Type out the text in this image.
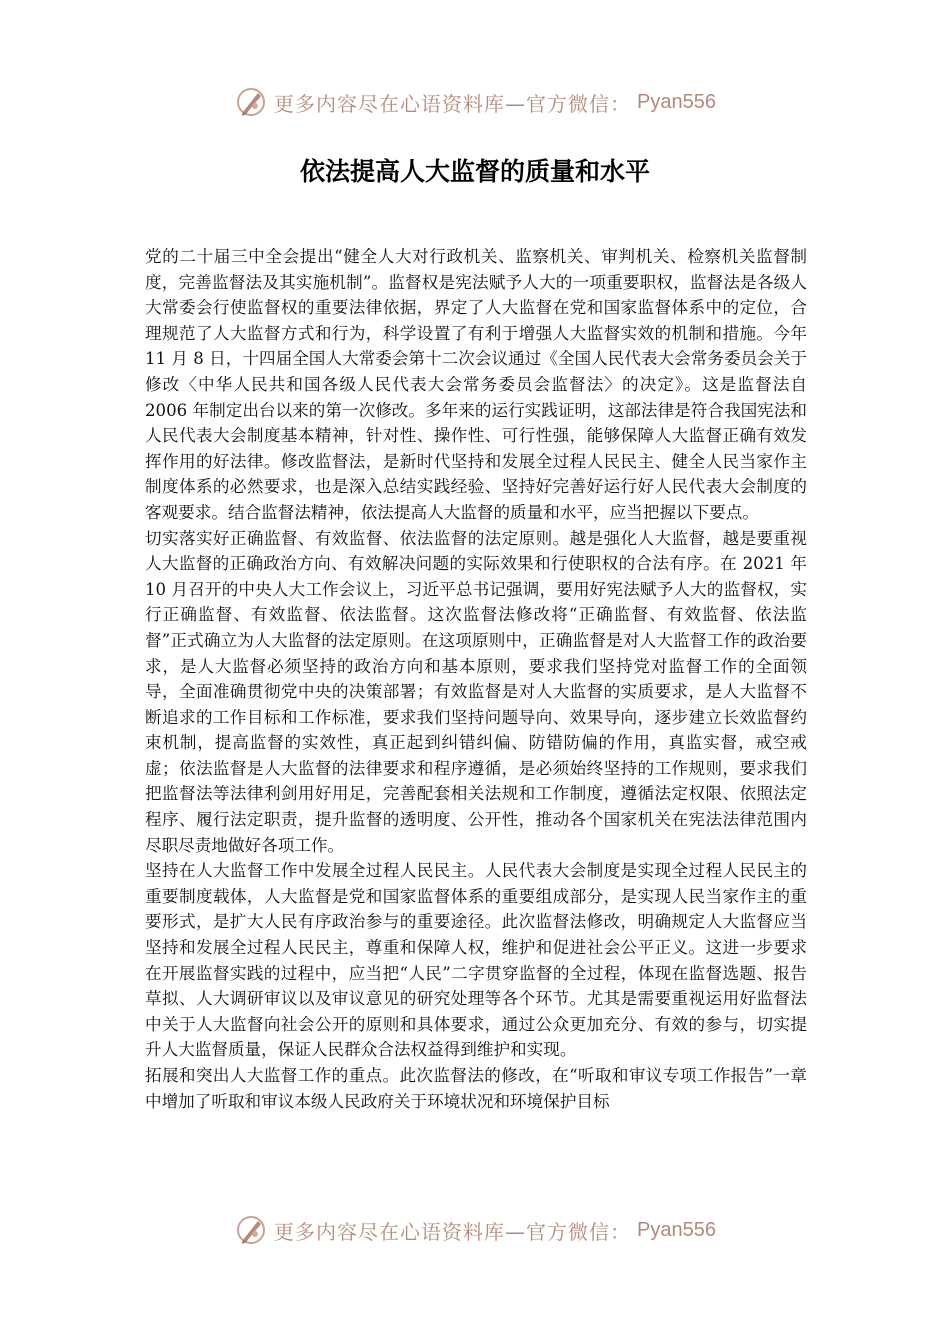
更多内容尽在心语资料库—官方微信： Pyan556
依法提高人大监督的质量和水平

党的二十届三中全会提出“健全人大对行政机关、监察机关、审判机关、检察机关监督制度，完善监督法及其实施机制”。监督权是宪法赋予人大的一项重要职权，监督法是各级人大常委会行使监督权的重要法律依据，界定了人大监督在党和国家监督体系中的定位，合理规范了人大监督方式和行为，科学设置了有利于增强人大监督实效的机制和措施。今年 11 月 8 日，十四届全国人大常委会第十二次会议通过《全国人民代表大会常务委员会关于修改〈中华人民共和国各级人民代表大会常务委员会监督法〉的决定》。这是监督法自 2006 年制定出台以来的第一次修改。多年来的运行实践证明，这部法律是符合我国宪法和人民代表大会制度基本精神，针对性、操作性、可行性强，能够保障人大监督正确有效发挥作用的好法律。修改监督法，是新时代坚持和发展全过程人民民主、健全人民当家作主制度体系的必然要求，也是深入总结实践经验、坚持好完善好运行好人民代表大会制度的客观要求。结合监督法精神，依法提高人大监督的质量和水平，应当把握以下要点。

切实落实好正确监督、有效监督、依法监督的法定原则。越是强化人大监督，越是要重视人大监督的正确政治方向、有效解决问题的实际效果和行使职权的合法有序。在 2021 年 10 月召开的中央人大工作会议上，习近平总书记强调，要用好宪法赋予人大的监督权，实行正确监督、有效监督、依法监督。这次监督法修改将“正确监督、有效监督、依法监督”正式确立为人大监督的法定原则。在这项原则中，正确监督是对人大监督工作的政治要求，是人大监督必须坚持的政治方向和基本原则，要求我们坚持党对监督工作的全面领导，全面准确贯彻党中央的决策部署；有效监督是对人大监督的实质要求，是人大监督不断追求的工作目标和工作标准，要求我们坚持问题导向、效果导向，逐步建立长效监督约束机制，提高监督的实效性，真正起到纠错纠偏、防错防偏的作用，真监实督，戒空戒虚；依法监督是人大监督的法律要求和程序遵循，是必须始终坚持的工作规则，要求我们把监督法等法律利剑用好用足，完善配套相关法规和工作制度，遵循法定权限、依照法定程序、履行法定职责，提升监督的透明度、公开性，推动各个国家机关在宪法法律范围内尽职尽责地做好各项工作。

坚持在人大监督工作中发展全过程人民民主。人民代表大会制度是实现全过程人民民主的重要制度载体，人大监督是党和国家监督体系的重要组成部分，是实现人民当家作主的重要形式，是扩大人民有序政治参与的重要途径。此次监督法修改，明确规定人大监督应当坚持和发展全过程人民民主，尊重和保障人权，维护和促进社会公平正义。这进一步要求在开展监督实践的过程中，应当把“人民”二字贯穿监督的全过程，体现在监督选题、报告草拟、人大调研审议以及审议意见的研究处理等各个环节。尤其是需要重视运用好监督法中关于人大监督向社会公开的原则和具体要求，通过公众更加充分、有效的参与，切实提升人大监督质量，保证人民群众合法权益得到维护和实现。

拓展和突出人大监督工作的重点。此次监督法的修改，在“听取和审议专项工作报告”一章中增加了听取和审议本级人民政府关于环境状况和环境保护目标

更多内容尽在心语资料库—官方微信： Pyan556
